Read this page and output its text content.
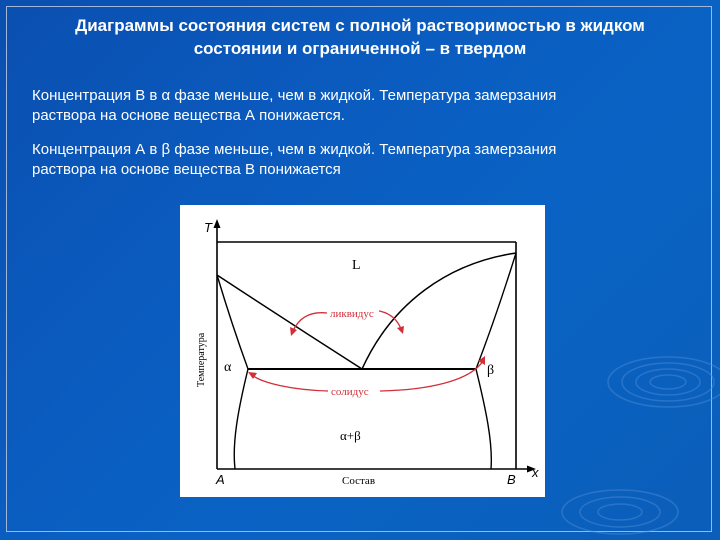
Диаграммы состояния систем с полной растворимостью в жидком
состоянии и ограниченной – в твердом
Концентрация B в α фазе меньше, чем в жидкой. Температура замерзания
раствора на основе вещества А понижается.
Концентрация А в β фазе меньше, чем в жидкой. Температура замерзания
раствора на основе вещества В понижается
T
x
Температура
Состав
A	B
L
α	β
α+β
ликвидус
солидус
